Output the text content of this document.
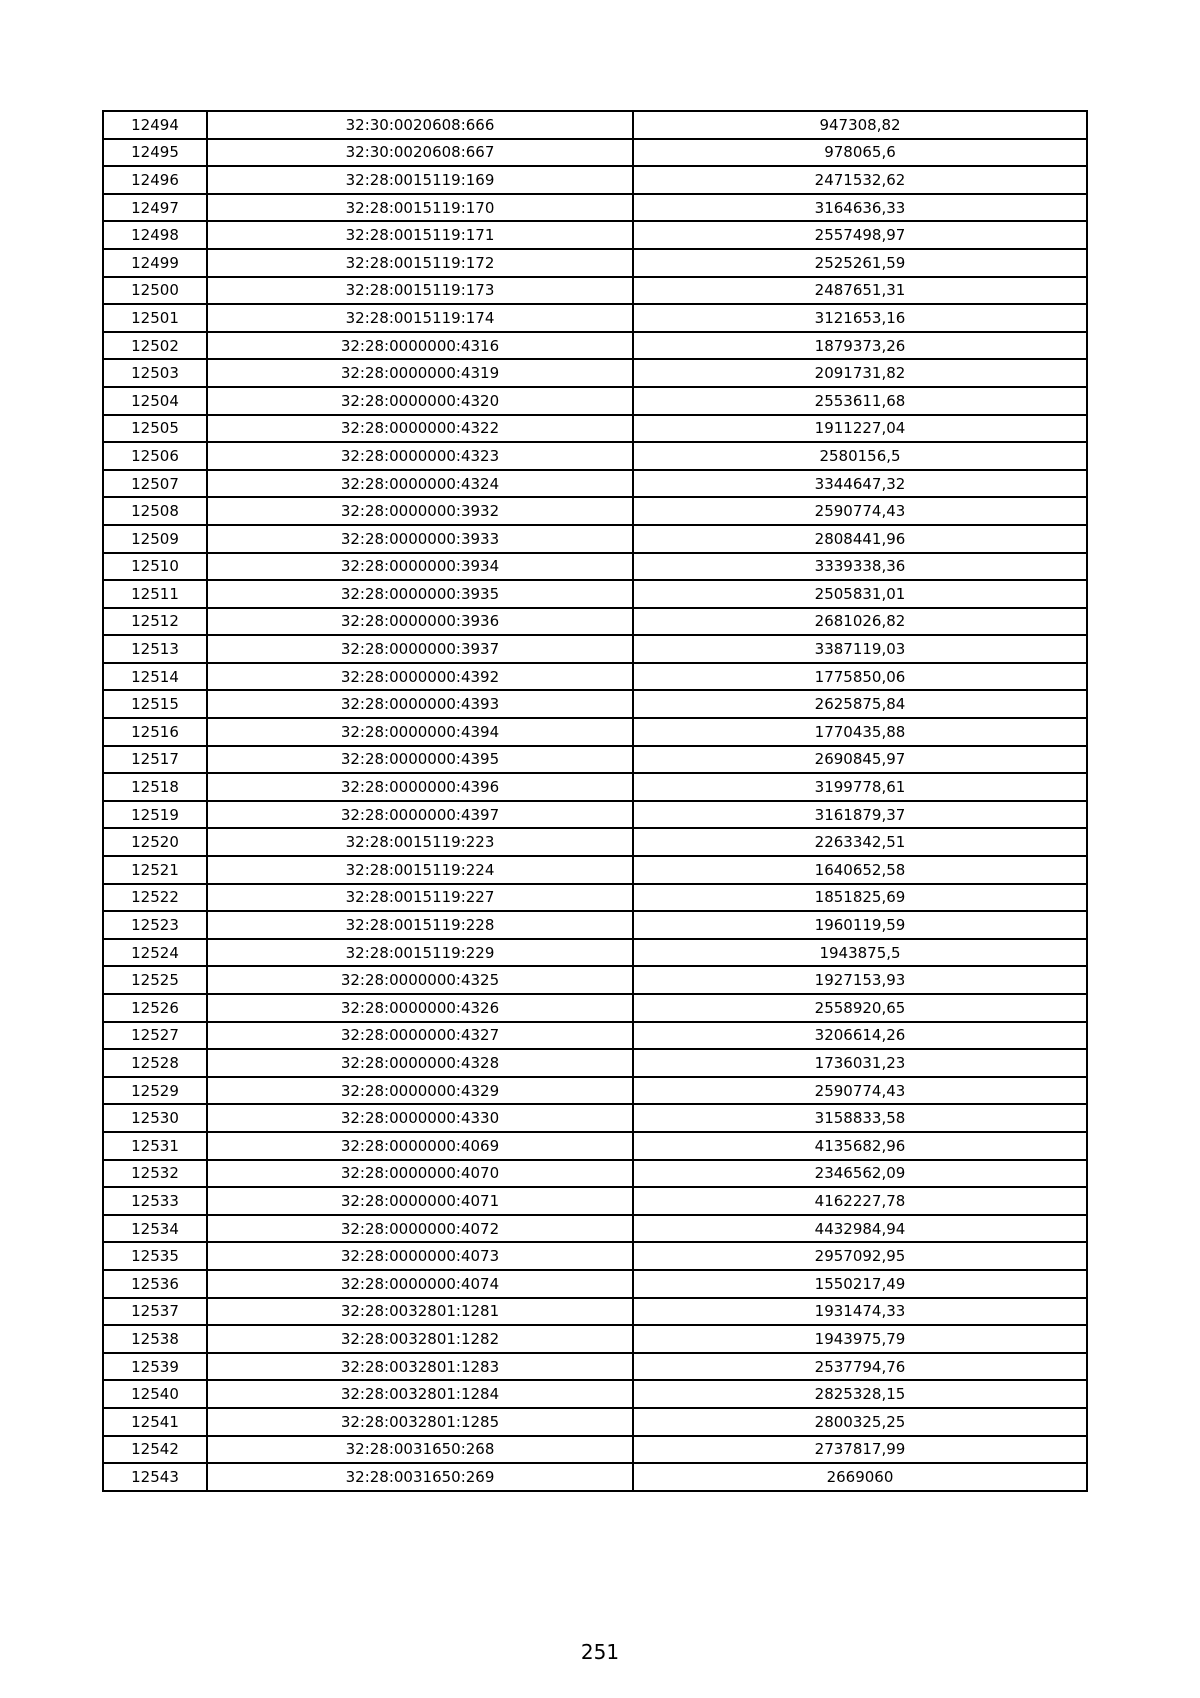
12494	32:30:0020608:666	947308,82
12495	32:30:0020608:667	978065,6
12496	32:28:0015119:169	2471532,62
12497	32:28:0015119:170	3164636,33
12498	32:28:0015119:171	2557498,97
12499	32:28:0015119:172	2525261,59
12500	32:28:0015119:173	2487651,31
12501	32:28:0015119:174	3121653,16
12502	32:28:0000000:4316	1879373,26
12503	32:28:0000000:4319	2091731,82
12504	32:28:0000000:4320	2553611,68
12505	32:28:0000000:4322	1911227,04
12506	32:28:0000000:4323	2580156,5
12507	32:28:0000000:4324	3344647,32
12508	32:28:0000000:3932	2590774,43
12509	32:28:0000000:3933	2808441,96
12510	32:28:0000000:3934	3339338,36
12511	32:28:0000000:3935	2505831,01
12512	32:28:0000000:3936	2681026,82
12513	32:28:0000000:3937	3387119,03
12514	32:28:0000000:4392	1775850,06
12515	32:28:0000000:4393	2625875,84
12516	32:28:0000000:4394	1770435,88
12517	32:28:0000000:4395	2690845,97
12518	32:28:0000000:4396	3199778,61
12519	32:28:0000000:4397	3161879,37
12520	32:28:0015119:223	2263342,51
12521	32:28:0015119:224	1640652,58
12522	32:28:0015119:227	1851825,69
12523	32:28:0015119:228	1960119,59
12524	32:28:0015119:229	1943875,5
12525	32:28:0000000:4325	1927153,93
12526	32:28:0000000:4326	2558920,65
12527	32:28:0000000:4327	3206614,26
12528	32:28:0000000:4328	1736031,23
12529	32:28:0000000:4329	2590774,43
12530	32:28:0000000:4330	3158833,58
12531	32:28:0000000:4069	4135682,96
12532	32:28:0000000:4070	2346562,09
12533	32:28:0000000:4071	4162227,78
12534	32:28:0000000:4072	4432984,94
12535	32:28:0000000:4073	2957092,95
12536	32:28:0000000:4074	1550217,49
12537	32:28:0032801:1281	1931474,33
12538	32:28:0032801:1282	1943975,79
12539	32:28:0032801:1283	2537794,76
12540	32:28:0032801:1284	2825328,15
12541	32:28:0032801:1285	2800325,25
12542	32:28:0031650:268	2737817,99
12543	32:28:0031650:269	2669060
251
